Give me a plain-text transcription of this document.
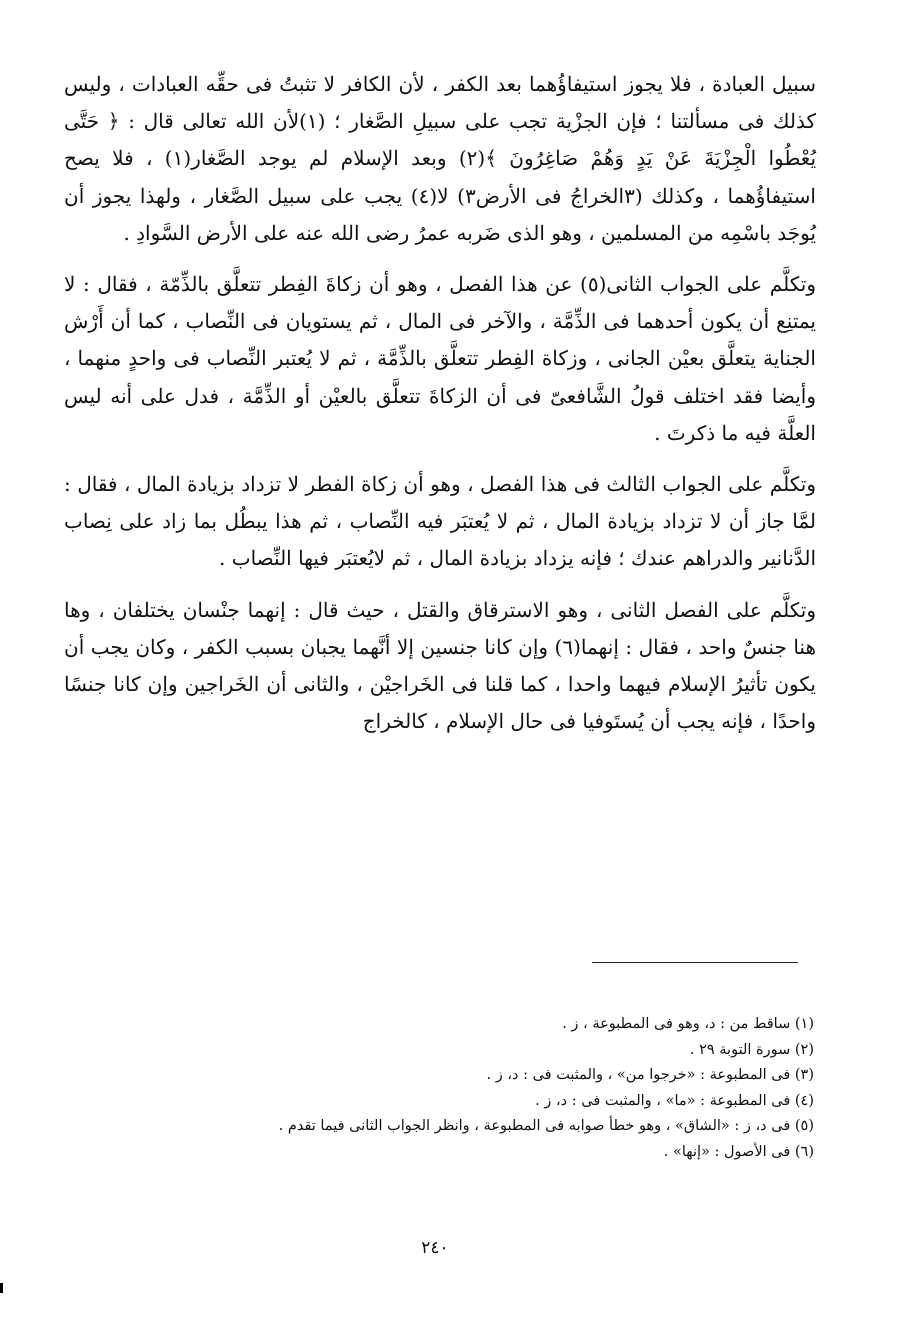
سبيل العبادة ، فلا يجوز استيفاؤُهما بعد الكفر ، لأن الكافر لا تثبتُ فى حقِّه العبادات ، وليس كذلك فى مسألتنا ؛ فإن الجزْية تجب على سبيلِ الصَّغار ؛ (١)لأن الله تعالى قال : ﴿ حَتَّى يُعْطُوا الْجِزْيَةَ عَنْ يَدٍ وَهُمْ صَاغِرُونَ ﴾(٢) وبعد الإسلام لم يوجد الصَّغار(١) ، فلا يصح استيفاؤُهما ، وكذلك (٣الخراجُ فى الأرض٣) لا(٤) يجب على سبيل الصَّغار ، ولهذا يجوز أن يُوجَد باسْمِه من المسلمين ، وهو الذى ضَربه عمرُ رضى الله عنه على الأرض السَّوادِ .

وتكلَّم على الجواب الثانى(٥) عن هذا الفصل ، وهو أن زكاةَ الفِطر تتعلَّق بالذِّمّة ، فقال : لا يمتنِع أن يكون أحدهما فى الذِّمَّة ، والآخر فى المال ، ثم يستويان فى النِّصاب ، كما أن أَرْش الجناية يتعلَّق بعيْن الجانى ، وزكاة الفِطر تتعلَّق بالذِّمَّة ، ثم لا يُعتبر النِّصاب فى واحدٍ منهما ، وأيضا فقد اختلف قولُ الشَّافعىّ فى أن الزكاةَ تتعلَّق بالعيْن أو الذِّمَّة ، فدل على أنه ليس العلَّة فيه ما ذكرتَ .

وتكلَّم على الجواب الثالث فى هذا الفصل ، وهو أن زكاة الفطر لا تزداد بزيادة المال ، فقال : لمَّا جاز أن لا تزداد بزيادة المال ، ثم لا يُعتبَر فيه النِّصاب ، ثم هذا يبطُل بما زاد على نِصاب الدَّنانير والدراهم عندك ؛ فإنه يزداد بزيادة المال ، ثم لايُعتبَر فيها النِّصاب .

وتكلَّم على الفصل الثانى ، وهو الاسترقاق والقتل ، حيث قال : إنهما جنْسان يختلفان ، وها هنا جنسٌ واحد ، فقال : إنهما(٦) وإن كانا جنسين إلا أنَّهما يجبان بسبب الكفر ، وكان يجب أن يكون تأثيرُ الإسلام فيهما واحدا ، كما قلنا فى الخَراجيْن ، والثانى أن الخَراجين وإن كانا جنسًا واحدًا ، فإنه يجب أن يُستَوفيا فى حال الإسلام ، كالخراج

(١) ساقط من : د، وهو فى المطبوعة ، ز .

(٢) سورة التوبة ٢٩ .

(٣) فى المطبوعة : «خرجوا من» ، والمثبت فى : د، ز .

(٤) فى المطبوعة : «ما» ، والمثبت فى : د، ز .

(٥) فى د، ز : «الشاق» ، وهو خطأ صوابه فى المطبوعة ، وانظر الجواب الثانى فيما تقدم .

(٦) فى الأصول : «إنها» .

٢٤٠
